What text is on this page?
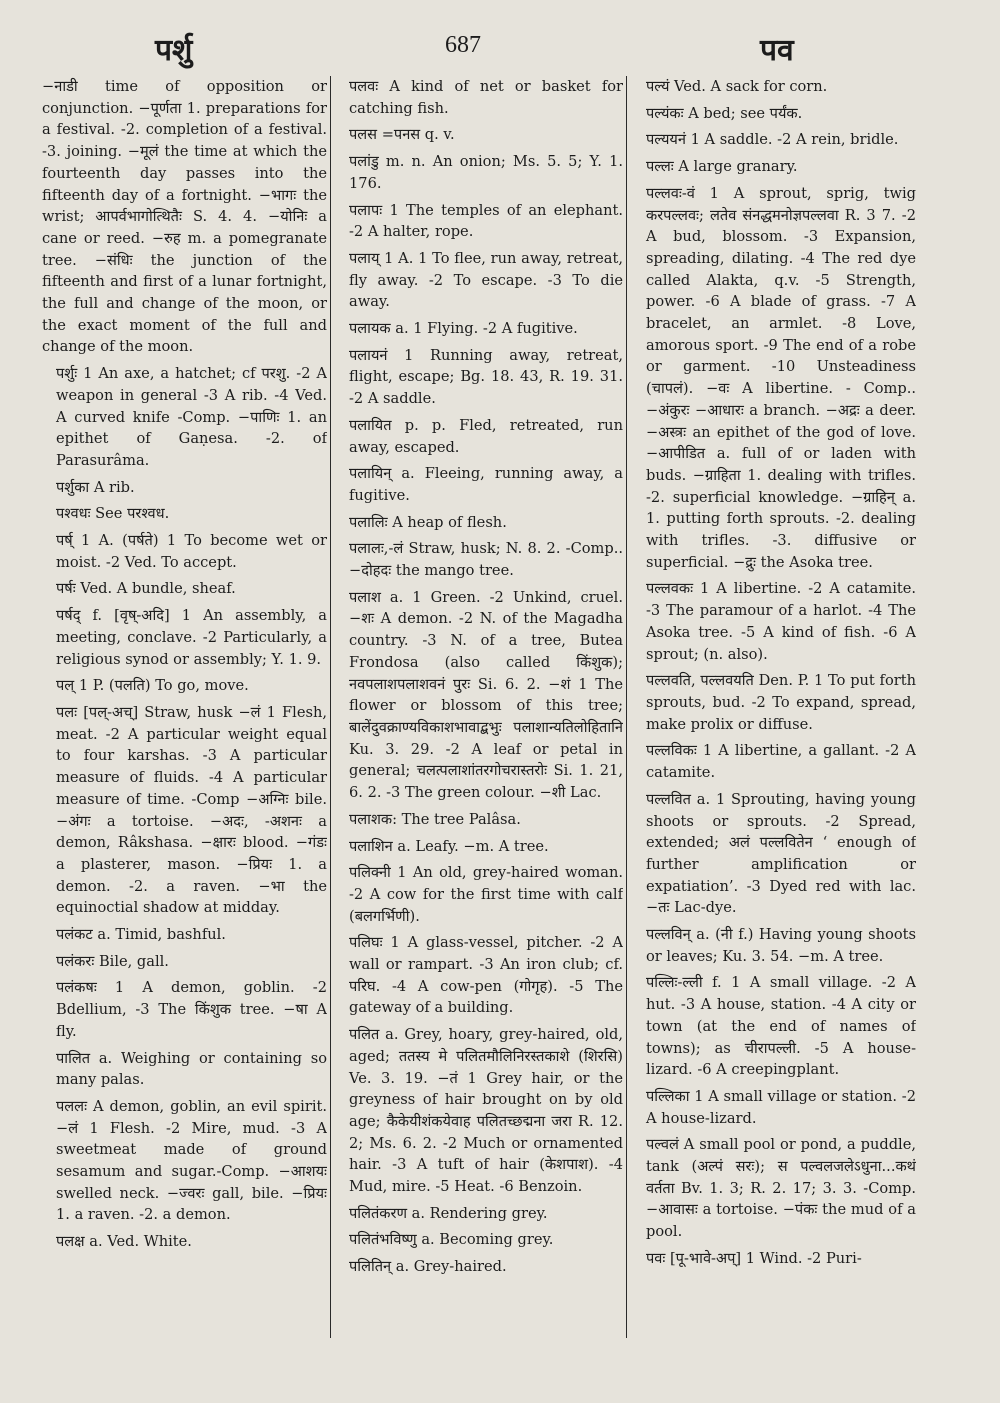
पर्शु	687	पव

−नाडी time of opposition or conjunction. −पूर्णता 1. preparations for a festival. -2. completion of a festival. -3. joining. −मूलं the time at which the fourteenth day passes into the fifteenth day of a fortnight. −भागः the wrist; आपर्वभागोत्थितैः S. 4. 4. −योनिः a cane or reed. −रुह m. a pomegranate tree. −संधिः the junction of the fifteenth and first of a lunar fortnight, the full and change of the moon, or the exact moment of the full and change of the moon.

पर्शुः 1 An axe, a hatchet; cf परशु. -2 A weapon in general -3 A rib. -4 Ved. A curved knife -Comp. −पाणिः 1. an epithet of Gaṇesa. -2. of Parasurâma.

पर्शुका A rib.

पश्वधः See परश्वध.

पर्ष् 1 A. (पर्षते) 1 To become wet or moist. -2 Ved. To accept.

पर्षः Ved. A bundle, sheaf.

पर्षद् f. [वृष्-अदि] 1 An assembly, a meeting, conclave. -2 Particularly, a religious synod or assembly; Y. 1. 9.

पल् 1 P. (पलति) To go, move.

पलः [पल्-अच्] Straw, husk −लं 1 Flesh, meat. -2 A particular weight equal to four karshas. -3 A particular measure of fluids. -4 A particular measure of time. -Comp −अग्निः bile. −अंगः a tortoise. −अदः, -अशनः a demon, Râkshasa. −क्षारः blood. −गंडः a plasterer, mason. −प्रियः 1. a demon. -2. a raven. −भा the equinoctial shadow at midday.

पलंकट a. Timid, bashful.

पलंकरः Bile, gall.

पलंकषः 1 A demon, goblin. -2 Bdellium, -3 The किंशुक tree. −षा A fly.

पालित a. Weighing or containing so many palas.

पललः A demon, goblin, an evil spirit. −लं 1 Flesh. -2 Mire, mud. -3 A sweetmeat made of ground sesamum and sugar.-Comp. −आशयः swelled neck. −ज्वरः gall, bile. −प्रियः 1. a raven. -2. a demon.

पलक्ष a. Ved. White.

पलवः A kind of net or basket for catching fish.

पलस =पनस q. v.

पलांडु m. n. An onion; Ms. 5. 5; Y. 1. 176.

पलापः 1 The temples of an elephant. -2 A halter, rope.

पलाय् 1 A. 1 To flee, run away, retreat, fly away. -2 To escape. -3 To die away.

पलायक a. 1 Flying. -2 A fugitive.

पलायनं 1 Running away, retreat, flight, escape; Bg. 18. 43, R. 19. 31. -2 A saddle.

पलायित p. p. Fled, retreated, run away, escaped.

पलायिन् a. Fleeing, running away, a fugitive.

पलालिः A heap of flesh.

पलालः,-लं Straw, husk; N. 8. 2. -Comp..−दोहदः the mango tree.

पलाश a. 1 Green. -2 Unkind, cruel. −शः A demon. -2 N. of the Magadha country. -3 N. of a tree, Butea Frondosa (also called किंशुक); नवपलाशपलाशवनं पुरः Si. 6. 2. −शं 1 The flower or blossom of this tree; बालेंदुवक्राण्यविकाशभावाद्बभुः पलाशान्यतिलोहितानि Ku. 3. 29. -2 A leaf or petal in general; चलत्पलाशांतरगोचरास्तरोः Si. 1. 21, 6. 2. -3 The green colour. −शी Lac.

पलाशक: The tree Palâsa.

पलाशिन a. Leafy. −m. A tree.

पलिक्नी 1 An old, grey-haired woman. -2 A cow for the first time with calf (बलगर्भिणी).

पलिघः 1 A glass-vessel, pitcher. -2 A wall or rampart. -3 An iron club; cf. परिघ. -4 A cow-pen (गोगृह). -5 The gateway of a building.

पलित a. Grey, hoary, grey-haired, old, aged; ततस्य मे पलितमौलिनिरस्तकाशे (शिरसि) Ve. 3. 19. −तं 1 Grey hair, or the greyness of hair brought on by old age; कैकेयीशंकयेवाह पलितच्छद्मना जरा R. 12. 2; Ms. 6. 2. -2 Much or ornamented hair. -3 A tuft of hair (केशपाश). -4 Mud, mire. -5 Heat. -6 Benzoin.

पलितंकरण a. Rendering grey.

पलितंभविष्णु a. Becoming grey.

पलितिन् a. Grey-haired.

पल्यं Ved. A sack for corn.

पल्यंकः A bed; see पर्यंक.

पल्ययनं 1 A saddle. -2 A rein, bridle.

पल्लः A large granary.

पल्लवः-वं 1 A sprout, sprig, twig करपल्लवः; लतेव संनद्धमनोज्ञपल्लवा R. 3 7. -2 A bud, blossom. -3 Expansion, spreading, dilating. -4 The red dye called Alakta, q.v. -5 Strength, power. -6 A blade of grass. -7 A bracelet, an armlet. -8 Love, amorous sport. -9 The end of a robe or garment. -10 Unsteadiness (चापलं). −वः A libertine. - Comp.. −अंकुरः −आधारः a branch. −अद्रः a deer. −अस्त्रः an epithet of the god of love. −आपीडित a. full of or laden with buds. −ग्राहिता 1. dealing with trifles. -2. superficial knowledge. −ग्राहिन् a. 1. putting forth sprouts. -2. dealing with trifles. -3. diffusive or superficial. −द्रुः the Asoka tree.

पल्लवकः 1 A libertine. -2 A catamite. -3 The paramour of a harlot. -4 The Asoka tree. -5 A kind of fish. -6 A sprout; (n. also).

पल्लवति, पल्लवयति Den. P. 1 To put forth sprouts, bud. -2 To expand, spread, make prolix or diffuse.

पल्लविकः 1 A libertine, a gallant. -2 A catamite.

पल्लवित a. 1 Sprouting, having young shoots or sprouts. -2 Spread, extended; अलं पल्लवितेन ‘ enough of further amplification or expatiation’. -3 Dyed red with lac. −तः Lac-dye.

पल्लविन् a. (नी f.) Having young shoots or leaves; Ku. 3. 54. −m. A tree.

पल्लिः-ल्ली f. 1 A small village. -2 A hut. -3 A house, station. -4 A city or town (at the end of names of towns); as चीरापल्ली. -5 A house-lizard. -6 A creepingplant.

पल्लिका 1 A small village or station. -2 A house-lizard.

पल्वलं A small pool or pond, a puddle, tank (अल्पं सरः); स पल्वलजलेऽधुना...कथं वर्तता Bv. 1. 3; R. 2. 17; 3. 3. -Comp. −आवासः a tortoise. −पंकः the mud of a pool.

पवः [पू-भावे-अप्] 1 Wind. -2 Puri-
